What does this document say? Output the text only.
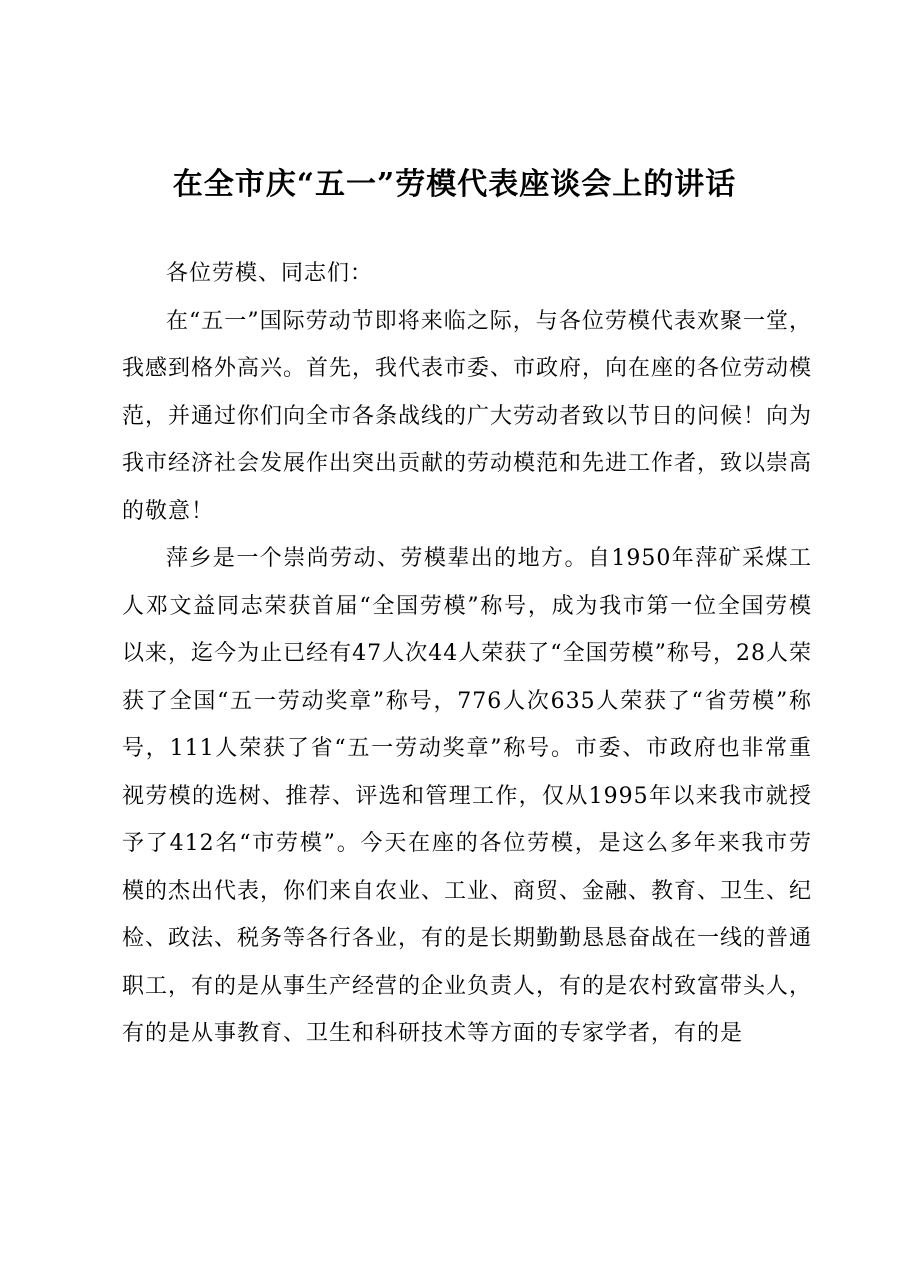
在全市庆“五一”劳模代表座谈会上的讲话

各位劳模、同志们：

在“五一”国际劳动节即将来临之际，与各位劳模代表欢聚一堂，我感到格外高兴。首先，我代表市委、市政府，向在座的各位劳动模范，并通过你们向全市各条战线的广大劳动者致以节日的问候！向为我市经济社会发展作出突出贡献的劳动模范和先进工作者，致以崇高的敬意！

萍乡是一个崇尚劳动、劳模辈出的地方。自1950年萍矿采煤工人邓文益同志荣获首届“全国劳模”称号，成为我市第一位全国劳模以来，迄今为止已经有47人次44人荣获了“全国劳模”称号，28人荣获了全国“五一劳动奖章”称号，776人次635人荣获了“省劳模”称号，111人荣获了省“五一劳动奖章”称号。市委、市政府也非常重视劳模的选树、推荐、评选和管理工作，仅从1995年以来我市就授予了412名“市劳模”。今天在座的各位劳模，是这么多年来我市劳模的杰出代表，你们来自农业、工业、商贸、金融、教育、卫生、纪检、政法、税务等各行各业，有的是长期勤勤恳恳奋战在一线的普通职工，有的是从事生产经营的企业负责人，有的是农村致富带头人，有的是从事教育、卫生和科研技术等方面的专家学者，有的是
